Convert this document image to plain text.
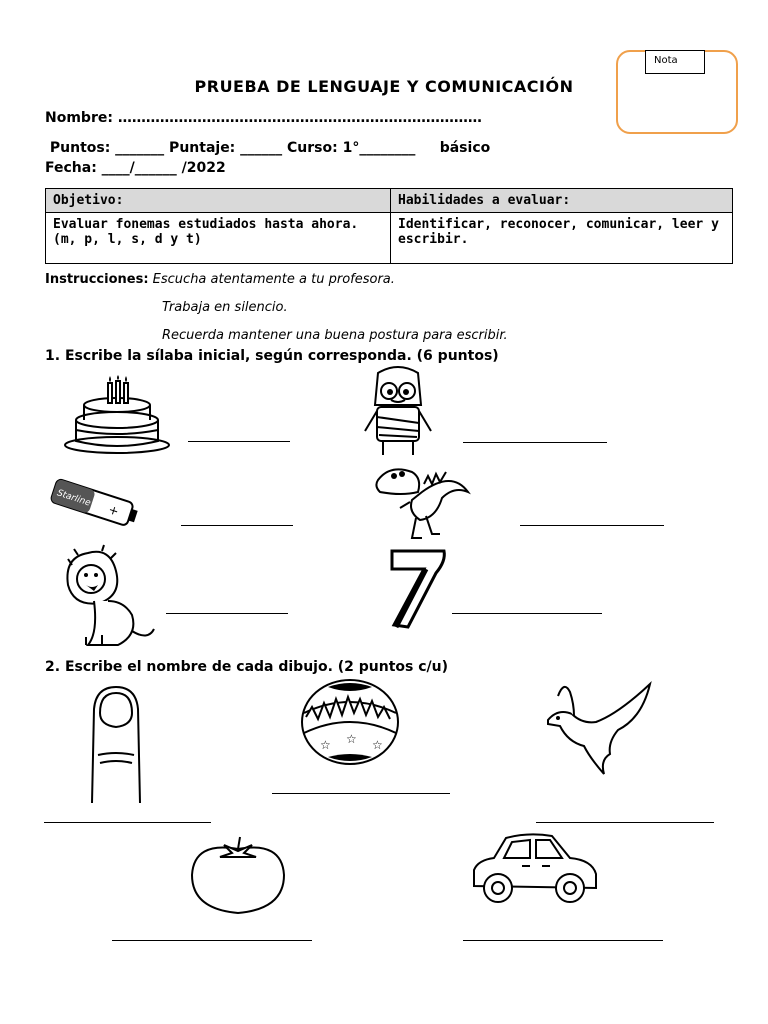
Nota
PRUEBA DE LENGUAJE Y COMUNICACIÓN
Nombre: ……………………………………………………………………
Puntos: _______ Puntaje: ______ Curso: 1°________     básico
Fecha: ____/______ /2022
Objetivo:	Habilidades a evaluar:
Evaluar fonemas estudiados hasta ahora. (m, p, l, s, d y t)	Identificar, reconocer, comunicar, leer y escribir.
Instrucciones: Escucha atentamente a tu profesora.
Trabaja en silencio.
Recuerda mantener una buena postura para escribir.
1. Escribe la sílaba inicial, según corresponda. (6 puntos)
Starline
+
2. Escribe el nombre de cada dibujo. (2 puntos c/u)
☆ ☆ ☆
